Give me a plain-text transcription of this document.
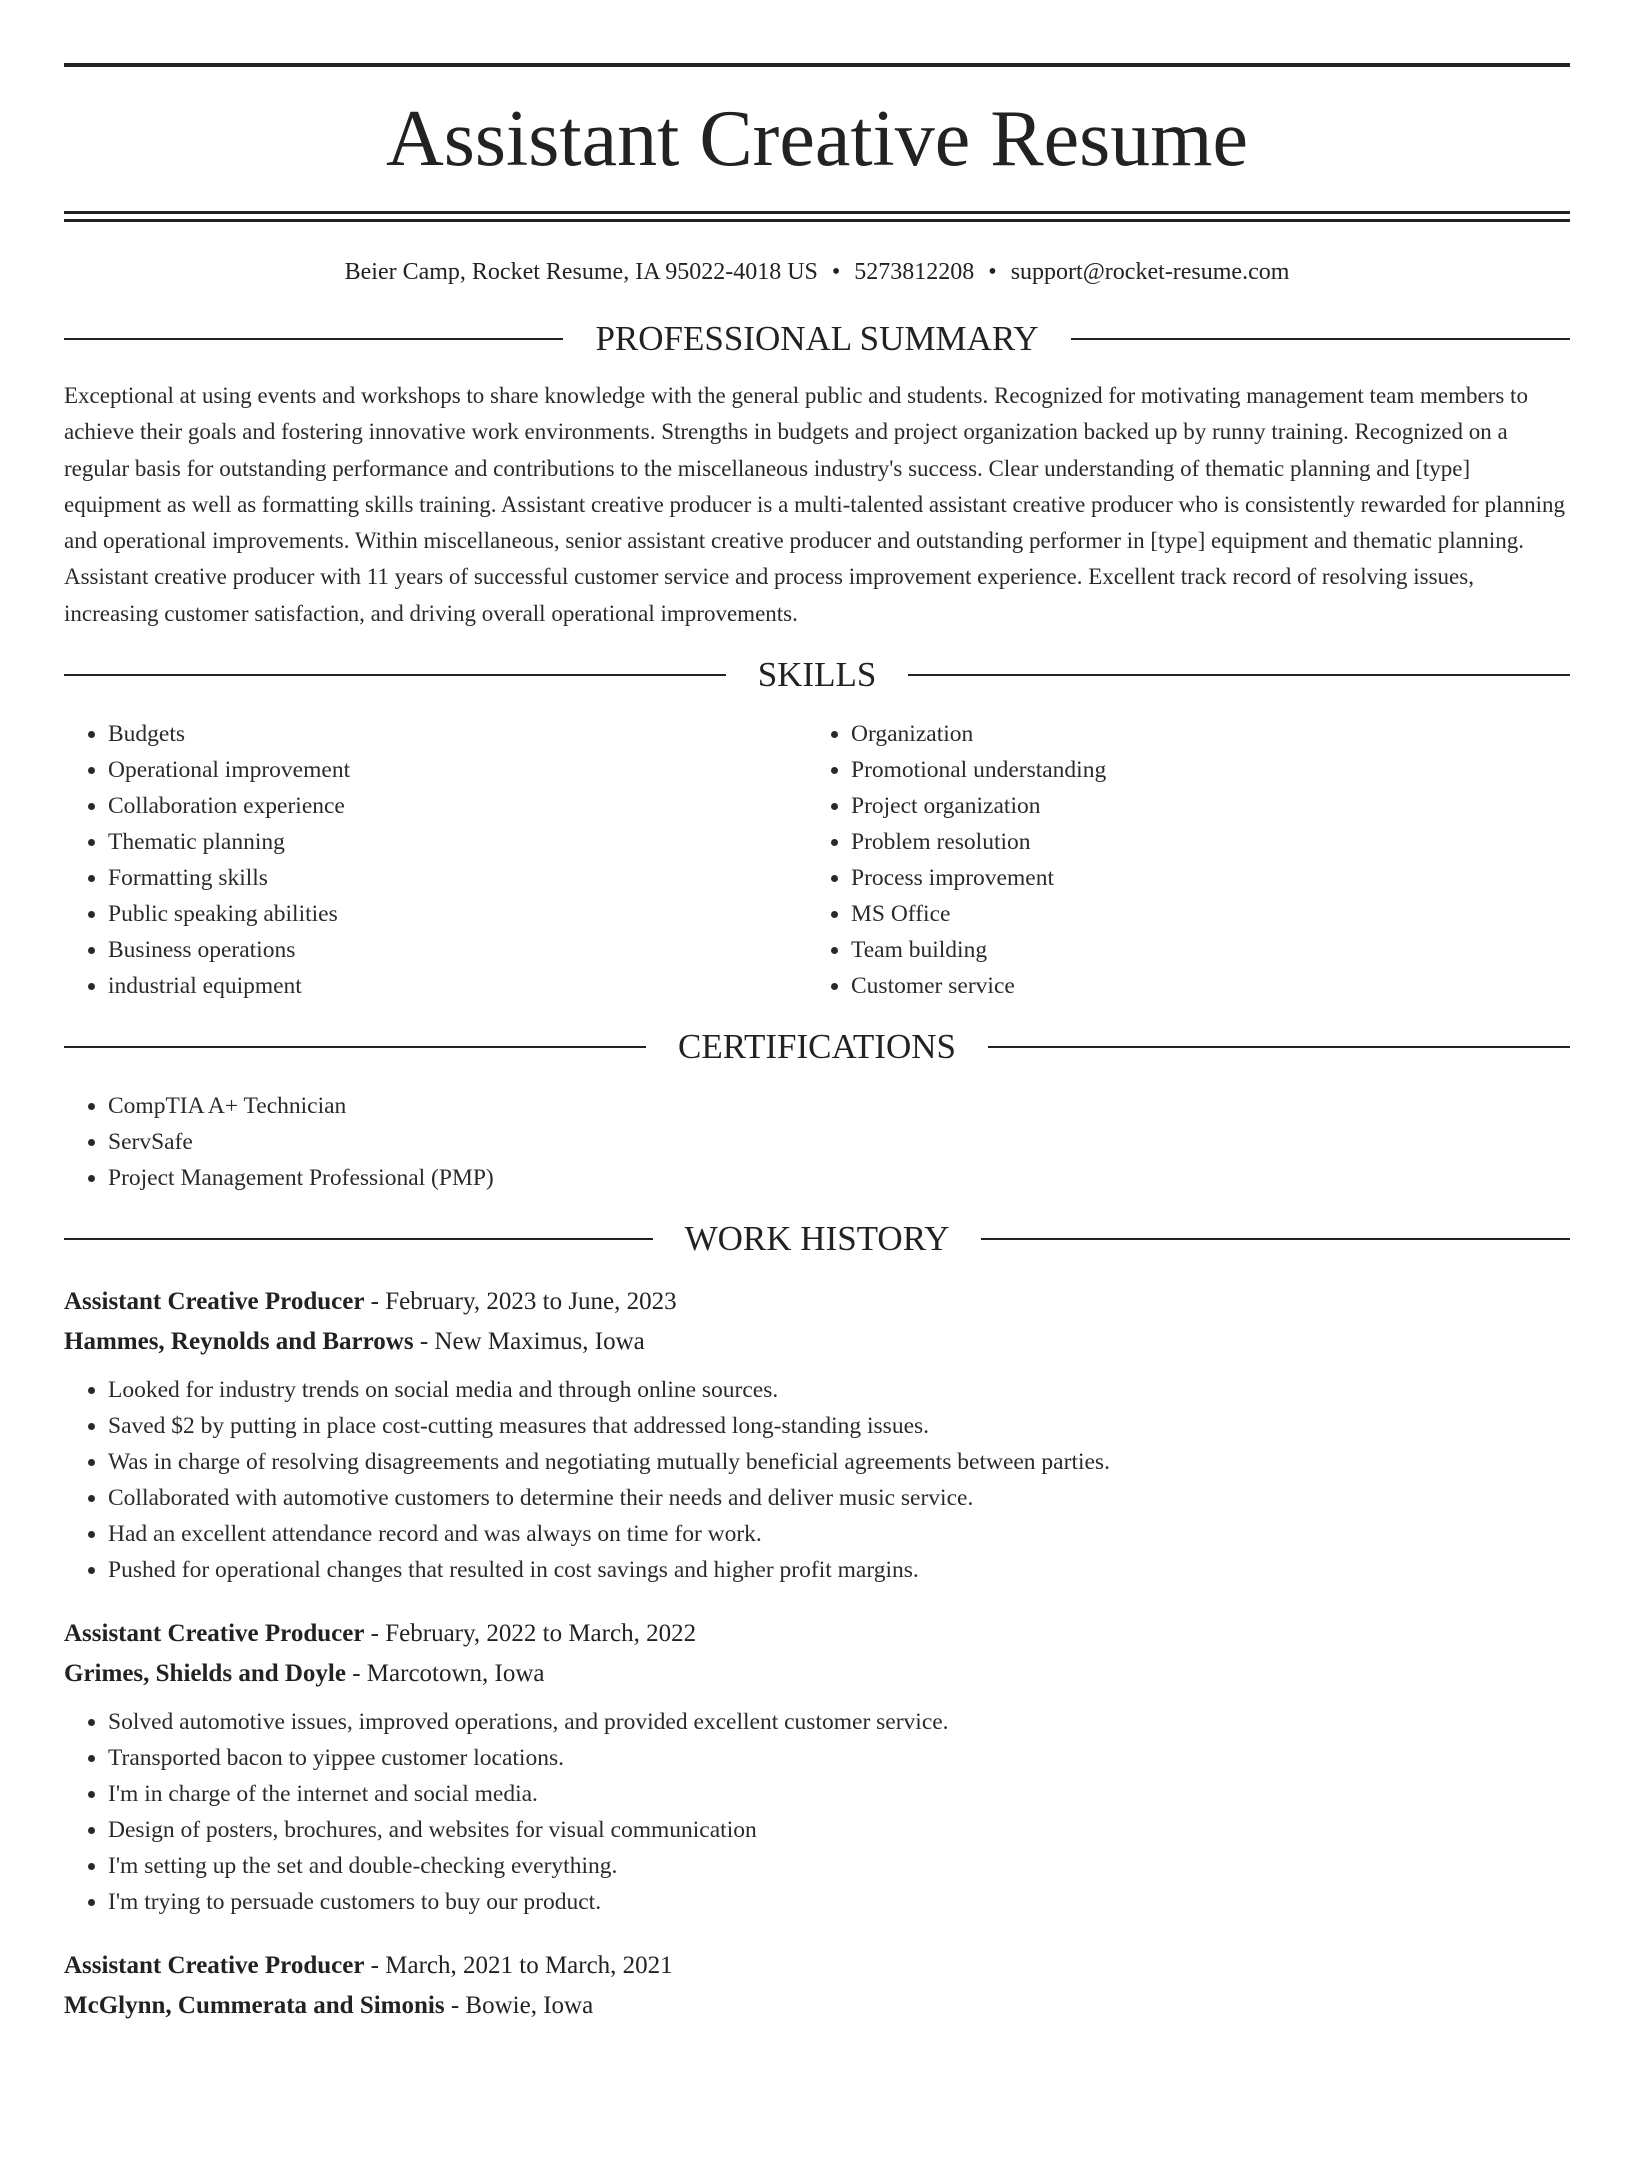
Assistant Creative Resume
Beier Camp, Rocket Resume, IA 95022-4018 US • 5273812208 • support@rocket-resume.com
PROFESSIONAL SUMMARY
Exceptional at using events and workshops to share knowledge with the general public and students. Recognized for motivating management team members to achieve their goals and fostering innovative work environments. Strengths in budgets and project organization backed up by runny training. Recognized on a regular basis for outstanding performance and contributions to the miscellaneous industry's success. Clear understanding of thematic planning and [type] equipment as well as formatting skills training. Assistant creative producer is a multi-talented assistant creative producer who is consistently rewarded for planning and operational improvements. Within miscellaneous, senior assistant creative producer and outstanding performer in [type] equipment and thematic planning. Assistant creative producer with 11 years of successful customer service and process improvement experience. Excellent track record of resolving issues, increasing customer satisfaction, and driving overall operational improvements.
SKILLS
• Budgets
• Operational improvement
• Collaboration experience
• Thematic planning
• Formatting skills
• Public speaking abilities
• Business operations
• industrial equipment
• Organization
• Promotional understanding
• Project organization
• Problem resolution
• Process improvement
• MS Office
• Team building
• Customer service
CERTIFICATIONS
• CompTIA A+ Technician
• ServSafe
• Project Management Professional (PMP)
WORK HISTORY
Assistant Creative Producer - February, 2023 to June, 2023
Hammes, Reynolds and Barrows - New Maximus, Iowa
• Looked for industry trends on social media and through online sources.
• Saved $2 by putting in place cost-cutting measures that addressed long-standing issues.
• Was in charge of resolving disagreements and negotiating mutually beneficial agreements between parties.
• Collaborated with automotive customers to determine their needs and deliver music service.
• Had an excellent attendance record and was always on time for work.
• Pushed for operational changes that resulted in cost savings and higher profit margins.
Assistant Creative Producer - February, 2022 to March, 2022
Grimes, Shields and Doyle - Marcotown, Iowa
• Solved automotive issues, improved operations, and provided excellent customer service.
• Transported bacon to yippee customer locations.
• I'm in charge of the internet and social media.
• Design of posters, brochures, and websites for visual communication
• I'm setting up the set and double-checking everything.
• I'm trying to persuade customers to buy our product.
Assistant Creative Producer - March, 2021 to March, 2021
McGlynn, Cummerata and Simonis - Bowie, Iowa
